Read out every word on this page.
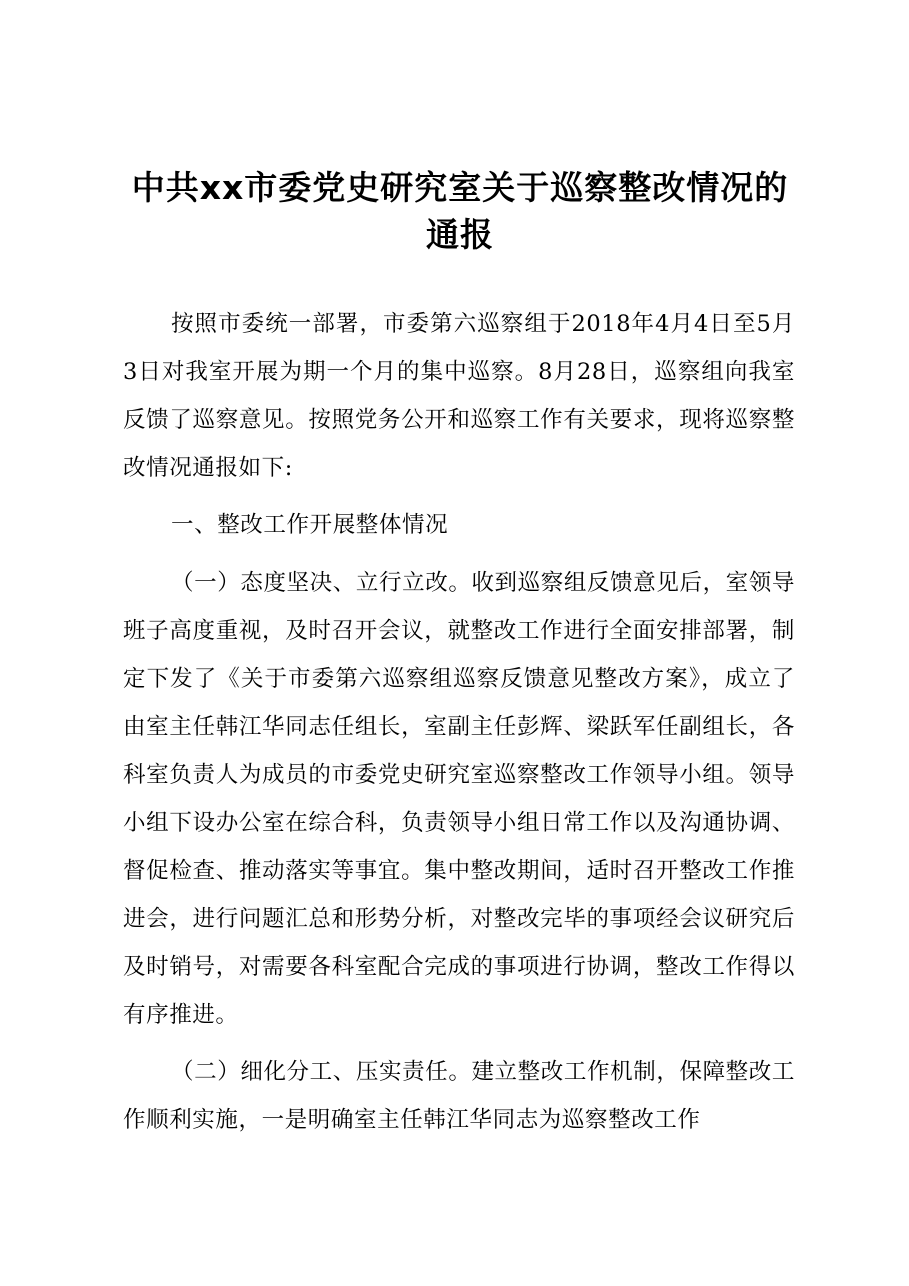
中共xx市委党史研究室关于巡察整改情况的
通报

按照市委统一部署，市委第六巡察组于2018年4月4日至5月3日对我室开展为期一个月的集中巡察。8月28日，巡察组向我室反馈了巡察意见。按照党务公开和巡察工作有关要求，现将巡察整改情况通报如下:

一、整改工作开展整体情况

（一）态度坚决、立行立改。收到巡察组反馈意见后，室领导班子高度重视，及时召开会议，就整改工作进行全面安排部署，制定下发了《关于市委第六巡察组巡察反馈意见整改方案》，成立了由室主任韩江华同志任组长，室副主任彭辉、梁跃军任副组长，各科室负责人为成员的市委党史研究室巡察整改工作领导小组。领导小组下设办公室在综合科，负责领导小组日常工作以及沟通协调、督促检查、推动落实等事宜。集中整改期间，适时召开整改工作推进会，进行问题汇总和形势分析，对整改完毕的事项经会议研究后及时销号，对需要各科室配合完成的事项进行协调，整改工作得以有序推进。

（二）细化分工、压实责任。建立整改工作机制，保障整改工作顺利实施，一是明确室主任韩江华同志为巡察整改工作
